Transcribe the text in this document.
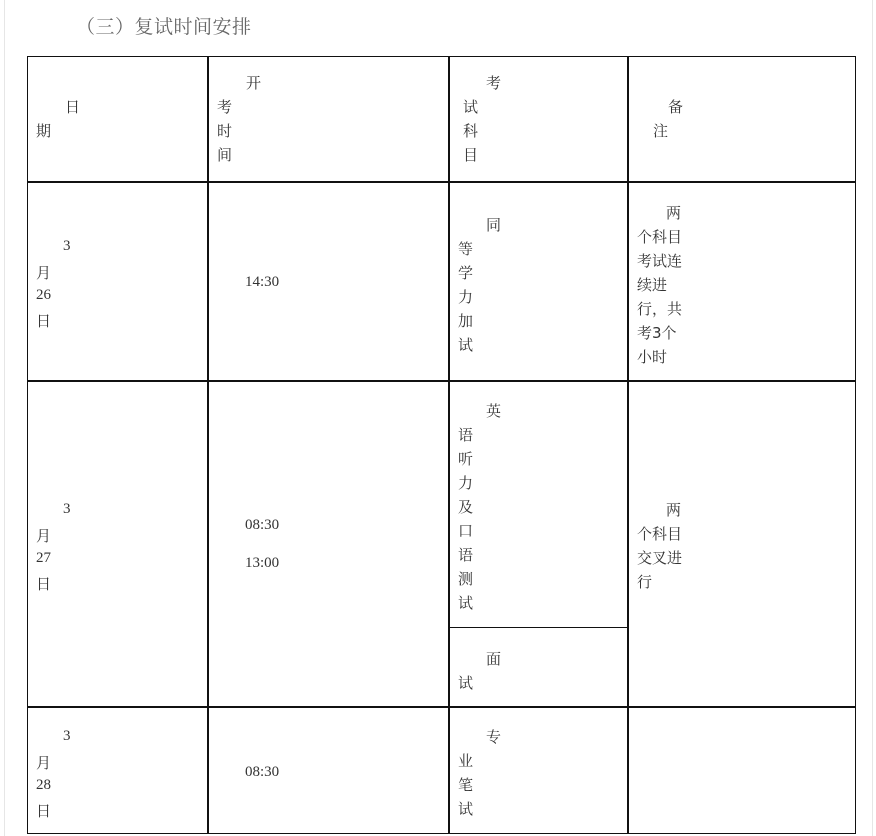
（三）复试时间安排
日
期
开
考
时
间
考
试
科
目
备
注
3
月
26
日
14:30
同
等
学
力
加
试
两
个科目
考试连
续进
行，共
考3个
小时
3
月
27
日
08:30
13:00
英
语
听
力
及
口
语
测
试
面
试
两
个科目
交叉进
行
3
月
28
日
08:30
专
业
笔
试
